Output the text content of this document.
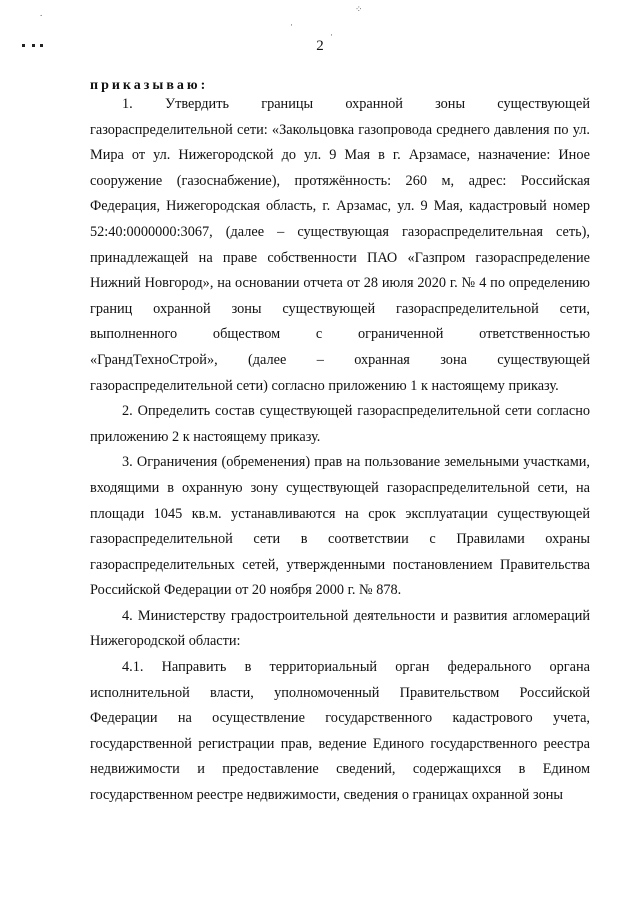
.	⁘
·
·
2
приказываю:

1. Утвердить границы охранной зоны существующей газораспределительной сети: «Закольцовка газопровода среднего давления по ул. Мира от ул. Нижегородской до ул. 9 Мая в г. Арзамасе, назначение: Иное сооружение (газоснабжение), протяжённость: 260 м, адрес: Российская Федерация, Нижегородская область, г. Арзамас, ул. 9 Мая, кадастровый номер 52:40:0000000:3067, (далее – существующая газораспределительная сеть), принадлежащей на праве собственности ПАО «Газпром газораспределение Нижний Новгород», на основании отчета от 28 июля 2020 г. № 4 по определению границ охранной зоны существующей газораспределительной сети, выполненного обществом с ограниченной ответственностью «ГрандТехноСтрой», (далее – охранная зона существующей газораспределительной сети) согласно приложению 1 к настоящему приказу.

2. Определить состав существующей газораспределительной сети согласно приложению 2 к настоящему приказу.

3. Ограничения (обременения) прав на пользование земельными участками, входящими в охранную зону существующей газораспределительной сети, на площади 1045 кв.м. устанавливаются на срок эксплуатации существующей газораспределительной сети в соответствии с Правилами охраны газораспределительных сетей, утвержденными постановлением Правительства Российской Федерации от 20 ноября 2000 г. № 878.

4. Министерству градостроительной деятельности и развития агломераций Нижегородской области:

4.1. Направить в территориальный орган федерального органа исполнительной власти, уполномоченный Правительством Российской Федерации на осуществление государственного кадастрового учета, государственной регистрации прав, ведение Единого государственного реестра недвижимости и предоставление сведений, содержащихся в Едином государственном реестре недвижимости, сведения о границах охранной зоны
